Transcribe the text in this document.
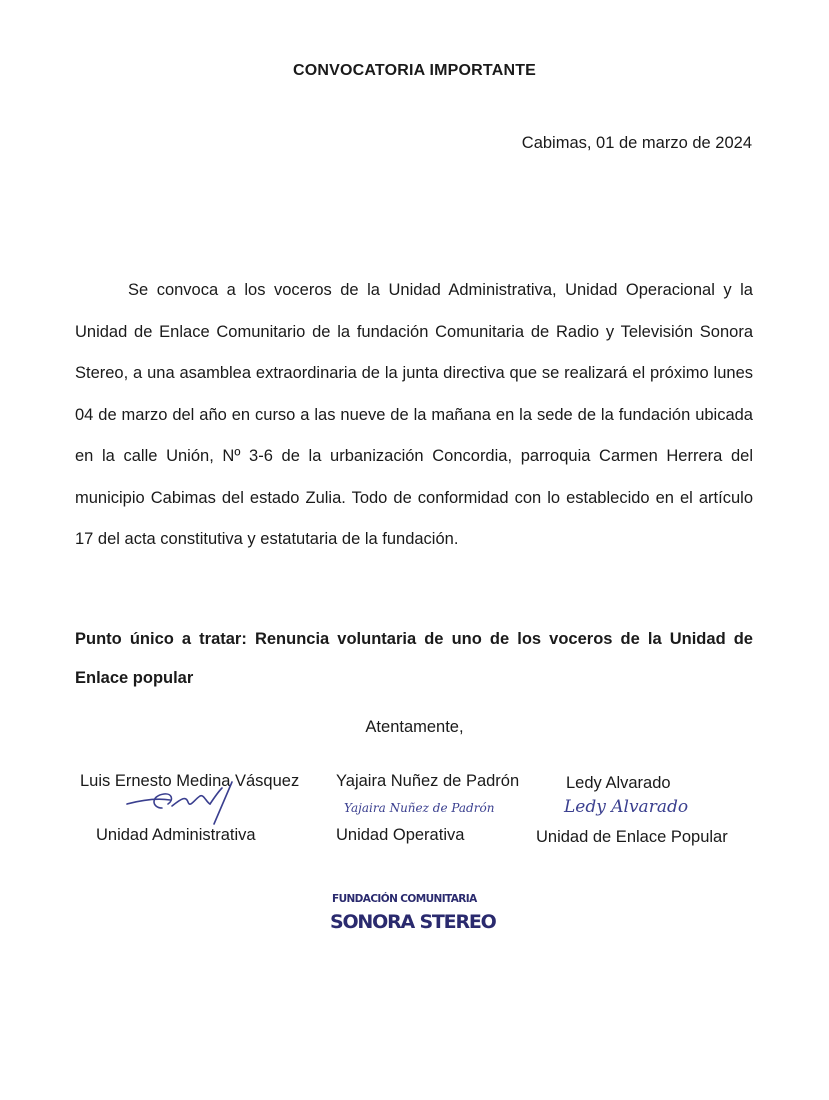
CONVOCATORIA IMPORTANTE
Cabimas, 01 de marzo de 2024

Se convoca a los voceros de la Unidad Administrativa, Unidad Operacional y la Unidad de Enlace Comunitario de la fundación Comunitaria de Radio y Televisión Sonora Stereo, a una asamblea extraordinaria de la junta directiva que se realizará el próximo lunes 04 de marzo del año en curso a las nueve de la mañana en la sede de la fundación ubicada en la calle Unión, Nº 3-6 de la urbanización Concordia, parroquia Carmen Herrera del municipio Cabimas del estado Zulia. Todo de conformidad con lo establecido en el artículo 17 del acta constitutiva y estatutaria de la fundación.

Punto único a tratar: Renuncia voluntaria de uno de los voceros de la Unidad de Enlace popular

Atentamente,
Luis Ernesto Medina Vásquez
Unidad Administrativa
Yajaira Nuñez de Padrón
Yajaira Nuñez de Padrón
Unidad Operativa
Ledy Alvarado
Ledy Alvarado
Unidad de Enlace Popular
FUNDACIÓN COMUNITARIA
SONORA STEREO
